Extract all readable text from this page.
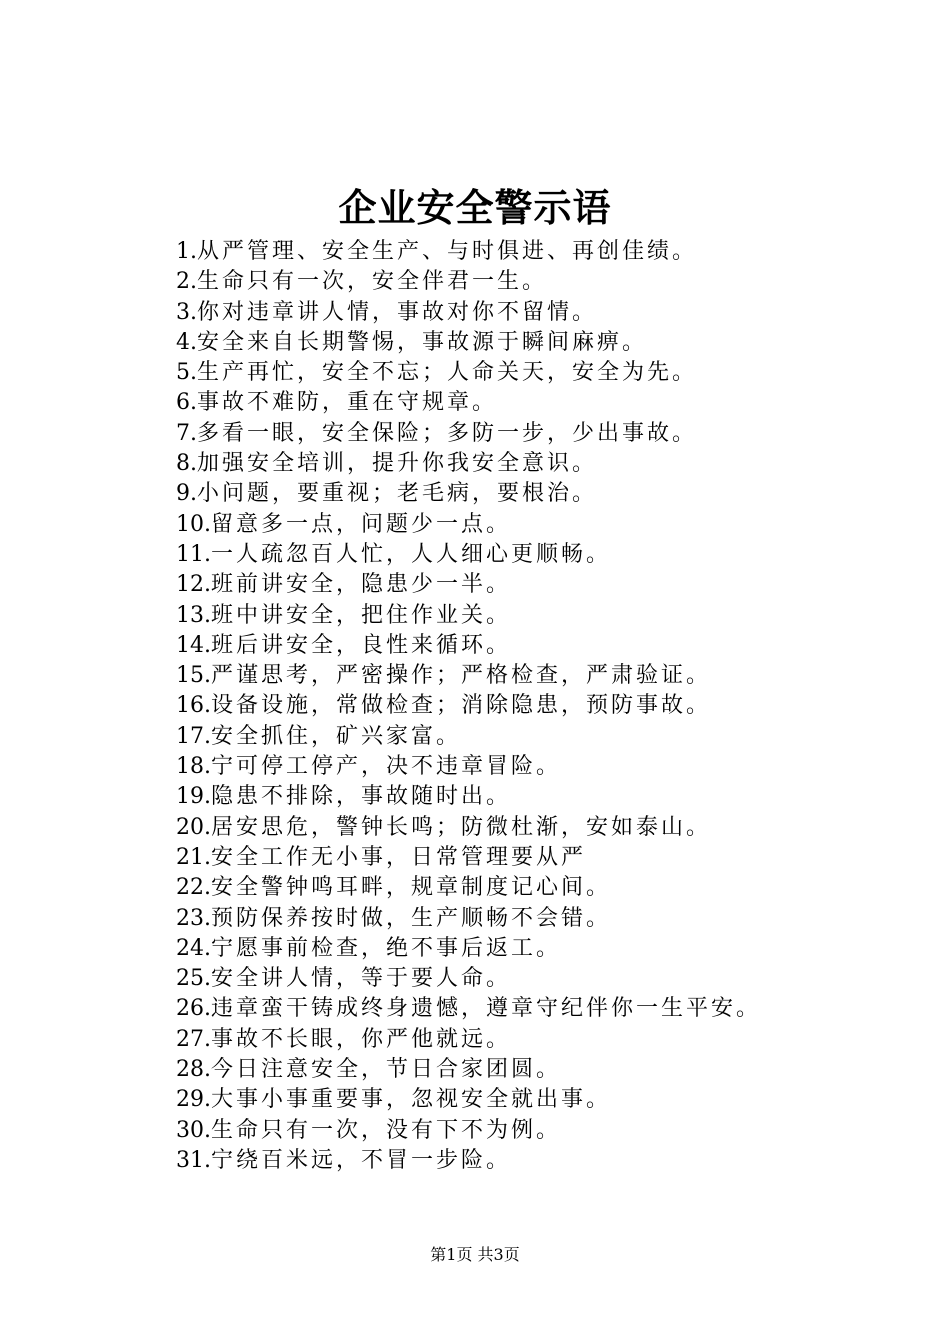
企业安全警示语
1.从严管理、安全生产、与时俱进、再创佳绩。
2.生命只有一次，安全伴君一生。
3.你对违章讲人情，事故对你不留情。
4.安全来自长期警惕，事故源于瞬间麻痹。
5.生产再忙，安全不忘；人命关天，安全为先。
6.事故不难防，重在守规章。
7.多看一眼，安全保险；多防一步，少出事故。
8.加强安全培训，提升你我安全意识。
9.小问题，要重视；老毛病，要根治。
10.留意多一点，问题少一点。
11.一人疏忽百人忙，人人细心更顺畅。
12.班前讲安全，隐患少一半。
13.班中讲安全，把住作业关。
14.班后讲安全，良性来循环。
15.严谨思考，严密操作；严格检查，严肃验证。
16.设备设施，常做检查；消除隐患，预防事故。
17.安全抓住，矿兴家富。
18.宁可停工停产，决不违章冒险。
19.隐患不排除，事故随时出。
20.居安思危，警钟长鸣；防微杜渐，安如泰山。
21.安全工作无小事，日常管理要从严
22.安全警钟鸣耳畔，规章制度记心间。
23.预防保养按时做，生产顺畅不会错。
24.宁愿事前检查，绝不事后返工。
25.安全讲人情，等于要人命。
26.违章蛮干铸成终身遗憾，遵章守纪伴你一生平安。
27.事故不长眼，你严他就远。
28.今日注意安全，节日合家团圆。
29.大事小事重要事，忽视安全就出事。
30.生命只有一次，没有下不为例。
31.宁绕百米远，不冒一步险。
第1页 共3页
